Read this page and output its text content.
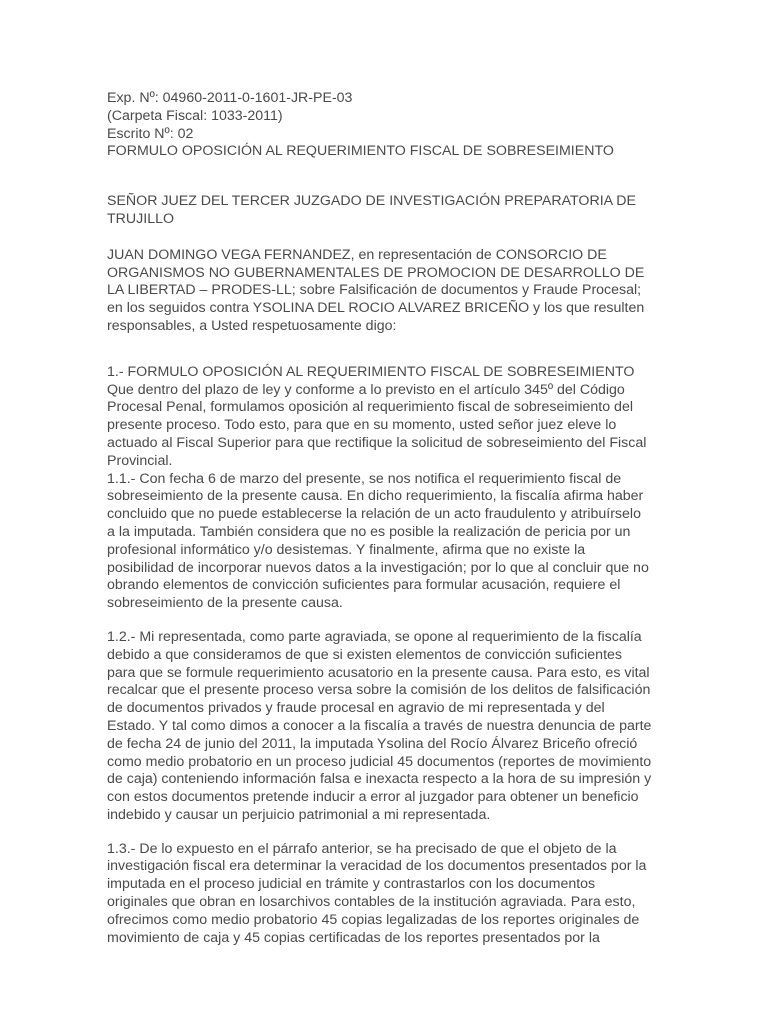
Exp. Nº: 04960-2011-0-1601-JR-PE-03
(Carpeta Fiscal: 1033-2011)
Escrito Nº: 02
FORMULO OPOSICIÓN AL REQUERIMIENTO FISCAL DE SOBRESEIMIENTO
SEÑOR JUEZ DEL TERCER JUZGADO DE INVESTIGACIÓN PREPARATORIA DE
TRUJILLO
JUAN DOMINGO VEGA FERNANDEZ, en representación de CONSORCIO DE
ORGANISMOS NO GUBERNAMENTALES DE PROMOCION DE DESARROLLO DE
LA LIBERTAD – PRODES-LL; sobre Falsificación de documentos y Fraude Procesal;
en los seguidos contra YSOLINA DEL ROCIO ALVAREZ BRICEÑO y los que resulten
responsables, a Usted respetuosamente digo:
1.- FORMULO OPOSICIÓN AL REQUERIMIENTO FISCAL DE SOBRESEIMIENTO
Que dentro del plazo de ley y conforme a lo previsto en el artículo 345º del Código
Procesal Penal, formulamos oposición al requerimiento fiscal de sobreseimiento del
presente proceso. Todo esto, para que en su momento, usted señor juez eleve lo
actuado al Fiscal Superior para que rectifique la solicitud de sobreseimiento del Fiscal
Provincial.
1.1.- Con fecha 6 de marzo del presente, se nos notifica el requerimiento fiscal de
sobreseimiento de la presente causa. En dicho requerimiento, la fiscalía afirma haber
concluido que no puede establecerse la relación de un acto fraudulento y atribuírselo
a la imputada. También considera que no es posible la realización de pericia por un
profesional informático y/o desistemas. Y finalmente, afirma que no existe la
posibilidad de incorporar nuevos datos a la investigación; por lo que al concluir que no
obrando elementos de convicción suficientes para formular acusación, requiere el
sobreseimiento de la presente causa.
1.2.- Mi representada, como parte agraviada, se opone al requerimiento de la fiscalía
debido a que consideramos de que si existen elementos de convicción suficientes
para que se formule requerimiento acusatorio en la presente causa. Para esto, es vital
recalcar que el presente proceso versa sobre la comisión de los delitos de falsificación
de documentos privados y fraude procesal en agravio de mi representada y del
Estado. Y tal como dimos a conocer a la fiscalía a través de nuestra denuncia de parte
de fecha 24 de junio del 2011, la imputada Ysolina del Rocío Álvarez Briceño ofreció
como medio probatorio en un proceso judicial 45 documentos (reportes de movimiento
de caja) conteniendo información falsa e inexacta respecto a la hora de su impresión y
con estos documentos pretende inducir a error al juzgador para obtener un beneficio
indebido y causar un perjuicio patrimonial a mi representada.
1.3.- De lo expuesto en el párrafo anterior, se ha precisado de que el objeto de la
investigación fiscal era determinar la veracidad de los documentos presentados por la
imputada en el proceso judicial en trámite y contrastarlos con los documentos
originales que obran en losarchivos contables de la institución agraviada. Para esto,
ofrecimos como medio probatorio 45 copias legalizadas de los reportes originales de
movimiento de caja y 45 copias certificadas de los reportes presentados por la
